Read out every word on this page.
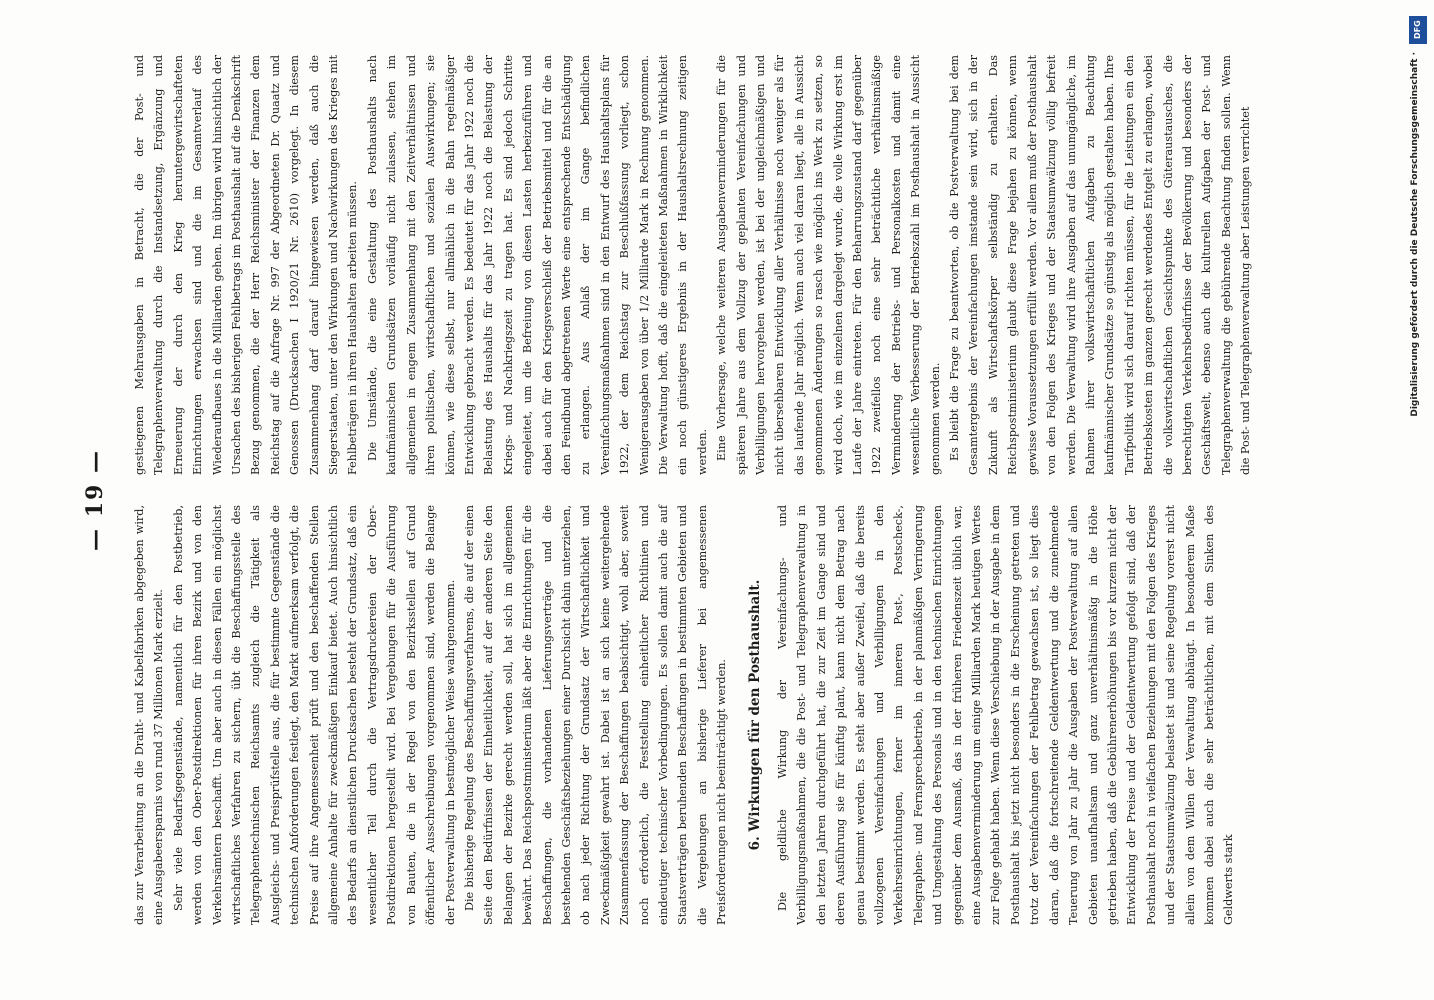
— 19 —

das zur Verarbeitung an die Draht- und Kabelfabriken abgegeben wird, eine Ausgabeersparnis von rund 37 Millionen Mark erzielt. Sehr viele Bedarfsgegenstände, namentlich für den Postbetrieb, werden von den Ober-Postdirektionen für ihren Bezirk und von den Verkehrsämtern beschafft. Um aber auch in diesen Fällen ein möglichst wirtschaftliches Verfahren zu sichern, übt die Beschaffungsstelle des Telegraphentechnischen Reichsamts zugleich die Tätigkeit als Ausgleichs- und Preisprüfstelle aus, die für bestimmte Gegenstände die technischen Anforderungen festlegt, den Markt aufmerksam verfolgt, die Preise auf ihre Angemessenheit prüft und den beschaffenden Stellen allgemeine Anhalte für zweckmäßigen Einkauf bietet. Auch hinsichtlich des Bedarfs an dienstlichen Drucksachen besteht der Grundsatz, daß ein wesentlicher Teil durch die Vertragsdruckereien der Ober-Postdirektionen hergestellt wird. Bei Vergebungen für die Ausführung von Bauten, die in der Regel von den Bezirksstellen auf Grund öffentlicher Ausschreibungen vorgenommen sind, werden die Belange der Postverwaltung in bestmöglicher Weise wahrgenommen. Die bisherige Regelung des Beschaffungsverfahrens, die auf der einen Seite den Bedürfnissen der Einheitlichkeit, auf der anderen Seite den Belangen der Bezirke gerecht werden soll, hat sich im allgemeinen bewährt. Das Reichspostministerium läßt aber die Einrichtungen für die Beschaffungen, die vorhandenen Lieferungsverträge und die bestehenden Geschäftsbeziehungen einer Durchsicht dahin unterziehen, ob nach jeder Richtung der Grundsatz der Wirtschaftlichkeit und Zweckmäßigkeit gewahrt ist. Dabei ist an sich keine weitergehende Zusammenfassung der Beschaffungen beabsichtigt, wohl aber, soweit noch erforderlich, die Feststellung einheitlicher Richtlinien und eindeutiger technischer Vorbedingungen. Es sollen damit auch die auf Staatsverträgen beruhenden Beschaffungen in bestimmten Gebieten und die Vergebungen an bisherige Lieferer bei angemessenen Preisforderungen nicht beeinträchtigt werden. 6. Wirkungen für den Posthaushalt. Die geldliche Wirkung der Vereinfachungs- und Verbilligungsmaßnahmen, die die Post- und Telegraphenverwaltung in den letzten Jahren durchgeführt hat, die zur Zeit im Gange sind und deren Ausführung sie für künftig plant, kann nicht dem Betrag nach genau bestimmt werden. Es steht aber außer Zweifel, daß die bereits vollzogenen Vereinfachungen und Verbilligungen in den Verkehrseinrichtungen, ferner im inneren Post-, Postscheck-, Telegraphen- und Fernsprechbetrieb, in der planmäßigen Verringerung und Umgestaltung des Personals und in den technischen Einrichtungen gegenüber dem Ausmaß, das in der früheren Friedenszeit üblich war, eine Ausgabenverminderung um einige Milliarden Mark heutigen Wertes zur Folge gehabt haben. Wenn diese Verschiebung in der Ausgabe in dem Posthaushalt bis jetzt nicht besonders in die Erscheinung getreten und trotz der Vereinfachungen der Fehlbetrag gewachsen ist, so liegt dies daran, daß die fortschreitende Geldentwertung und die zunehmende Teuerung von Jahr zu Jahr die Ausgaben der Postverwaltung auf allen Gebieten unaufhaltsam und ganz unverhältnismäßig in die Höhe getrieben haben, daß die Gebührenerhöhungen bis vor kurzem nicht der Entwicklung der Preise und der Geldentwertung gefolgt sind, daß der Posthaushalt noch in vielfachen Beziehungen mit den Folgen des Krieges und der Staatsumwälzung belastet ist und seine Regelung vorerst nicht allein von dem Willen der Verwaltung abhängt. In besonderem Maße kommen dabei auch die sehr beträchtlichen, mit dem Sinken des Geldwerts stark

gestiegenen Mehrausgaben in Betracht, die der Post- und Telegraphenverwaltung durch die Instandsetzung, Ergänzung und Erneuerung der durch den Krieg heruntergewirtschafteten Einrichtungen erwachsen sind und die im Gesamtverlauf des Wiederaufbaues in die Milliarden gehen. Im übrigen wird hinsichtlich der Ursachen des bisherigen Fehlbetrags im Posthaushalt auf die Denkschrift Bezug genommen, die der Herr Reichsminister der Finanzen dem Reichstag auf die Anfrage Nr. 997 der Abgeordneten Dr. Quaatz und Genossen (Drucksachen I 1920/21 Nr. 2610) vorgelegt. In diesem Zusammenhang darf darauf hingewiesen werden, daß auch die Siegerstaaten, unter den Wirkungen und Nachwirkungen des Krieges mit Fehlbeträgen in ihren Haushalten arbeiten müssen. Die Umstände, die eine Gestaltung des Posthaushalts nach kaufmännischen Grundsätzen vorläufig nicht zulassen, stehen im allgemeinen in engem Zusammenhang mit den Zeitverhältnissen und ihren politischen, wirtschaftlichen und sozialen Auswirkungen; sie können, wie diese selbst, nur allmählich in die Bahn regelmäßiger Entwicklung gebracht werden. Es bedeutet für das Jahr 1922 noch die Belastung des Haushalts für das Jahr 1922 noch die Belastung der Kriegs- und Nachkriegszeit zu tragen hat. Es sind jedoch Schritte eingeleitet, um die Befreiung von diesen Lasten herbeizuführen und dabei auch für den Kriegsverschleiß der Betriebsmittel und für die an den Feindbund abgetretenen Werte eine entsprechende Entschädigung zu erlangen. Aus Anlaß der im Gange befindlichen Vereinfachungsmaßnahmen sind in den Entwurf des Haushaltsplans für 1922, der dem Reichstag zur Beschlußfassung vorliegt, schon Wenigerausgaben von über 1/2 Milliarde Mark in Rechnung genommen. Die Verwaltung hofft, daß die eingeleiteten Maßnahmen in Wirklichkeit ein noch günstigeres Ergebnis in der Haushaltsrechnung zeitigen werden. Eine Vorhersage, welche weiteren Ausgabenverminderungen für die späteren Jahre aus dem Vollzug der geplanten Vereinfachungen und Verbilligungen hervorgehen werden, ist bei der ungleichmäßigen und nicht übersehbaren Entwicklung aller Verhältnisse noch weniger als für das laufende Jahr möglich. Wenn auch viel daran liegt, alle in Aussicht genommenen Änderungen so rasch wie möglich ins Werk zu setzen, so wird doch, wie im einzelnen dargelegt wurde, die volle Wirkung erst im Laufe der Jahre eintreten. Für den Beharrungszustand darf gegenüber 1922 zweifellos noch eine sehr beträchtliche verhältnismäßige Verminderung der Betriebs- und Personalkosten und damit eine wesentliche Verbesserung der Betriebszahl im Posthaushalt in Aussicht genommen werden. Es bleibt die Frage zu beantworten, ob die Postverwaltung bei dem Gesamtergebnis der Vereinfachungen imstande sein wird, sich in der Zukunft als Wirtschaftskörper selbständig zu erhalten. Das Reichspostministerium glaubt diese Frage bejahen zu können, wenn gewisse Voraussetzungen erfüllt werden. Vor allem muß der Posthaushalt von den Folgen des Krieges und der Staatsumwälzung völlig befreit werden. Die Verwaltung wird ihre Ausgaben auf das unumgängliche, im Rahmen ihrer volkswirtschaftlichen Aufgaben zu Beachtung kaufmännischer Grundsätze so günstig als möglich gestalten haben. Ihre Tarifpolitik wird sich darauf richten müssen, für die Leistungen ein den Betriebskosten im ganzen gerecht werdendes Entgelt zu erlangen, wobei die volkswirtschaftlichen Gesichtspunkte des Güteraustausches, die berechtigten Verkehrsbedürfnisse der Bevölkerung und besonders der Geschäftswelt, ebenso auch die kulturellen Aufgaben der Post- und Telegraphenverwaltung die gebührende Beachtung finden sollen. Wenn die Post- und Telegraphenverwaltung aber Leistungen verrichtet

DFG
Digitalisierung gefördert durch die Deutsche Forschungsgemeinschaft ·
